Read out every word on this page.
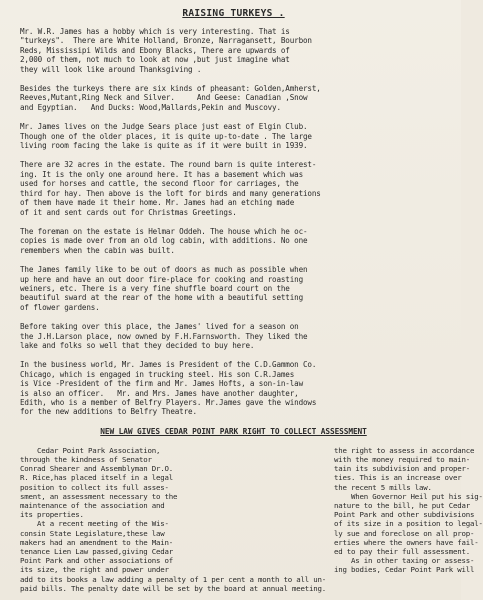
RAISING TURKEYS .
Mr. W.R. James has a hobby which is very interesting. That is
"turkeys".  There are White Holland, Bronze, Narragansett, Bourbon
Reds, Mississipi Wilds and Ebony Blacks, There are upwards of
2,000 of them, not much to look at now ,but just imagine what
they will look like around Thanksgiving .
Besides the turkeys there are six kinds of pheasant: Golden,Amherst,
Reeves,Mutant,Ring Neck and Silver.     And Geese: Canadian ,Snow
and Egyptian.   And Ducks: Wood,Mallards,Pekin and Muscovy.
Mr. James lives on the Judge Sears place just east of Elgin Club.
Though one of the older places, it is quite up-to-date . The large
living room facing the lake is quite as if it were built in 1939.
There are 32 acres in the estate. The round barn is quite interest-
ing. It is the only one around here. It has a basement which was
used for horses and cattle, the second floor for carriages, the
third for hay. Then above is the loft for birds and many generations
of them have made it their home. Mr. James had an etching made
of it and sent cards out for Christmas Greetings.
The foreman on the estate is Helmar Oddeh. The house which he oc-
copies is made over from an old log cabin, with additions. No one
remembers when the cabin was built.
The James family like to be out of doors as much as possible when
up here and have an out door fire-place for cooking and roasting
weiners, etc. There is a very fine shuffle board court on the
beautiful sward at the rear of the home with a beautiful setting
of flower gardens.
Before taking over this place, the James' lived for a season on
the J.H.Larson place, now owned by F.H.Farnsworth. They liked the
lake and folks so well that they decided to buy here.
In the business world, Mr. James is President of the C.D.Gammon Co.
Chicago, which is engaged in trucking steel. His son C.R.James
is Vice -President of the firm and Mr. James Hofts, a son-in-law
is also an officer.   Mr. and Mrs. James have another daughter,
Edith, who is a member of Belfry Players. Mr.James gave the windows
for the new additions to Belfry Theatre.
NEW LAW GIVES CEDAR POINT PARK RIGHT TO COLLECT ASSESSMENT
Cedar Point Park Association,
through the kindness of Senator
Conrad Shearer and Assemblyman Dr.O.
R. Rice,has placed itself in a legal
position to collect its full asses-
sment, an assessment necessary to the
maintenance of the association and
its properties.
At a recent meeting of the Wis-
consin State Legislature,these law
makers had an amendment to the Main-
tenance Lien Law passed,giving Cedar
Point Park and other associations of
its size, the right and power under
add to its books a law adding a penalty of 1 per cent a month to all un-
paid bills. The penalty date will be set by the board at annual meeting.
the right to assess in accordance
with the money required to main-
tain its subdivision and proper-
ties. This is an increase over
the recent 5 mills law.
When Governor Heil put his sig-
nature to the bill, he put Cedar
Point Park and other subdivisions
of its size in a position to legal-
ly sue and foreclose on all prop-
erties where the owners have fail-
ed to pay their full assessment.
As in other taxing or assess-
ing bodies, Cedar Point Park will
